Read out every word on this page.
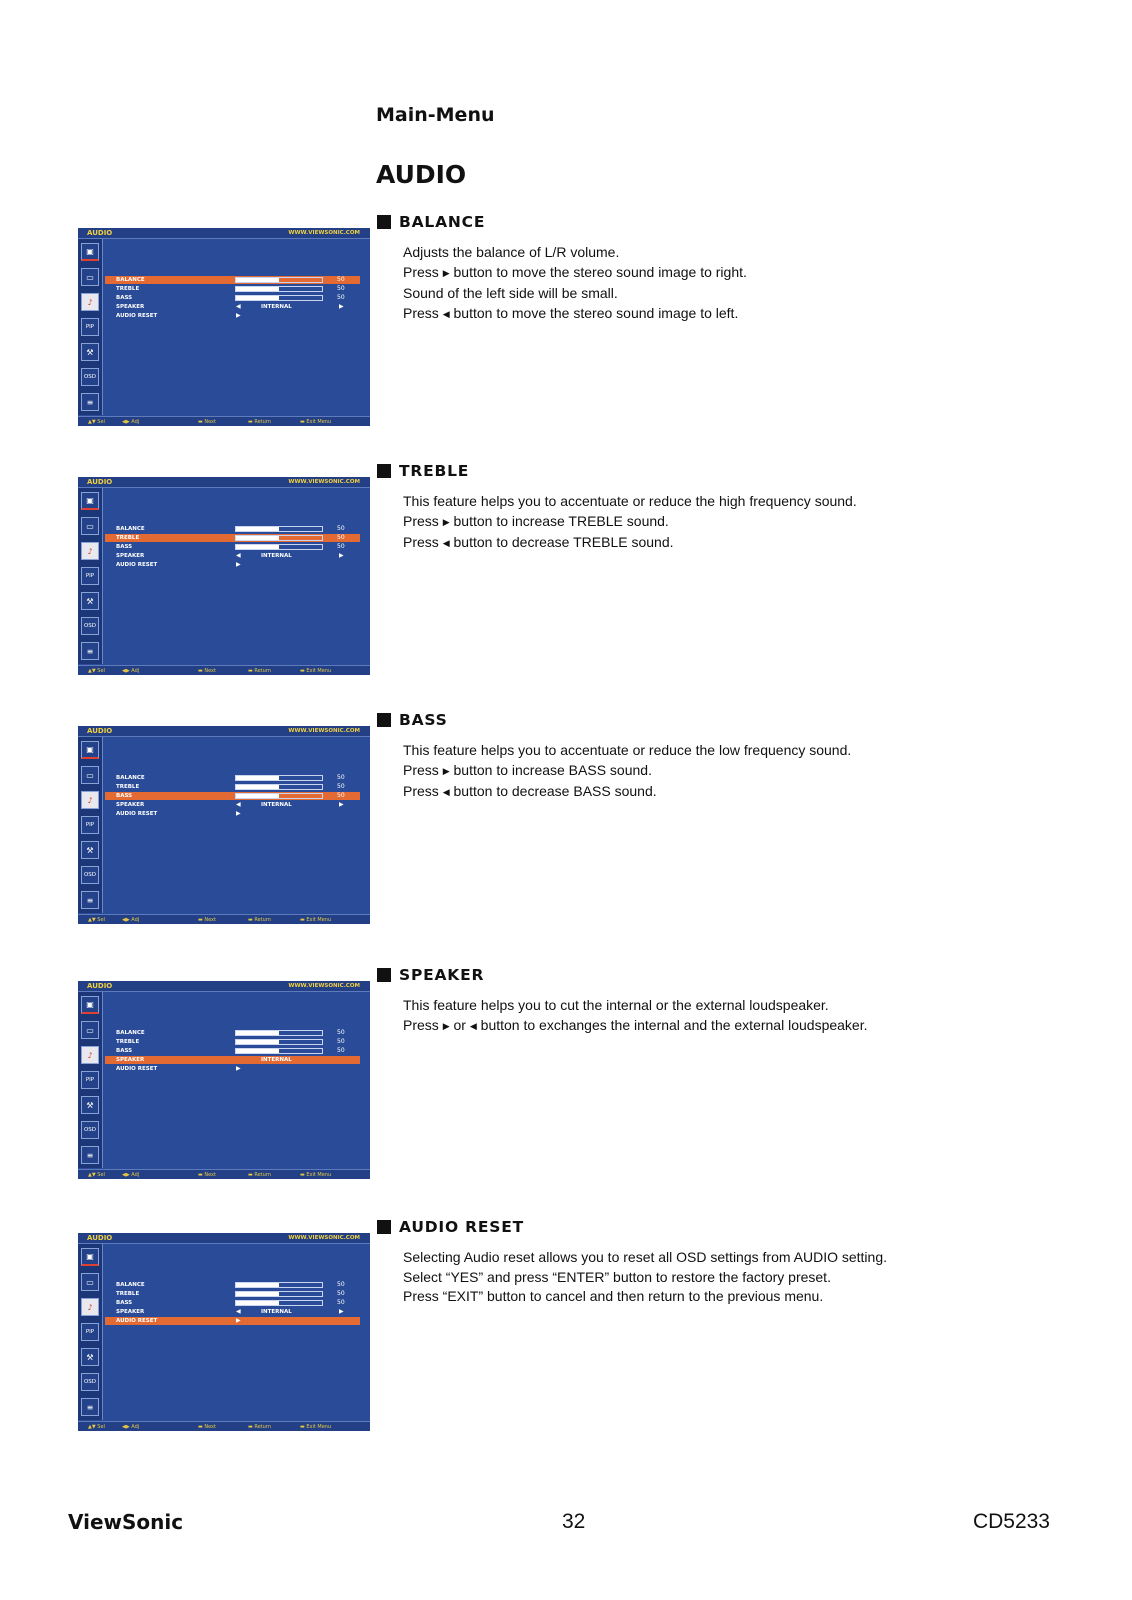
Main-Menu
AUDIO
BALANCE
Adjusts the balance of L/R volume.
Press ▶ button to move the stereo sound image to right.
Sound of the left side will be small.
Press ◀ button to move the stereo sound image to left.
AUDIO	WWW.VIEWSONIC.COM
▣
▭
♪
PIP
⚒
OSD
≡
BALANCE	50
TREBLE	50
BASS	50
SPEAKER	◀	▶
INTERNAL
AUDIO RESET	▶
▲▼ Sel	◀▶ Adj	▬ Next	▬ Return	▬ Exit Menu
TREBLE
This feature helps you to accentuate or reduce the high frequency sound.
Press ▶ button to increase TREBLE sound.
Press ◀ button to decrease TREBLE sound.
AUDIO	WWW.VIEWSONIC.COM
▣
▭
♪
PIP
⚒
OSD
≡
BALANCE	50
TREBLE	50
BASS	50
SPEAKER	◀	▶
INTERNAL
AUDIO RESET	▶
▲▼ Sel	◀▶ Adj	▬ Next	▬ Return	▬ Exit Menu
BASS
This feature helps you to accentuate or reduce the low frequency sound.
Press ▶ button to increase BASS sound.
Press ◀ button to decrease BASS sound.
AUDIO	WWW.VIEWSONIC.COM
▣
▭
♪
PIP
⚒
OSD
≡
BALANCE	50
TREBLE	50
BASS	50
SPEAKER	◀	▶
INTERNAL
AUDIO RESET	▶
▲▼ Sel	◀▶ Adj	▬ Next	▬ Return	▬ Exit Menu
SPEAKER
This feature helps you to cut the internal or the external loudspeaker.
Press ▶ or ◀ button to exchanges the internal and the external loudspeaker.
AUDIO	WWW.VIEWSONIC.COM
▣
▭
♪
PIP
⚒
OSD
≡
BALANCE	50
TREBLE	50
BASS	50
SPEAKER	INTERNAL
AUDIO RESET	▶
▲▼ Sel	◀▶ Adj	▬ Next	▬ Return	▬ Exit Menu
AUDIO RESET
Selecting Audio reset allows you to reset all OSD settings from AUDIO setting.
Select “YES” and press “ENTER” button to restore the factory preset.
Press “EXIT” button to cancel and then return to the previous menu.
AUDIO	WWW.VIEWSONIC.COM
▣
▭
♪
PIP
⚒
OSD
≡
BALANCE	50
TREBLE	50
BASS	50
SPEAKER	◀	▶
INTERNAL
AUDIO RESET	▶
▲▼ Sel	◀▶ Adj	▬ Next	▬ Return	▬ Exit Menu
ViewSonic	32	CD5233
